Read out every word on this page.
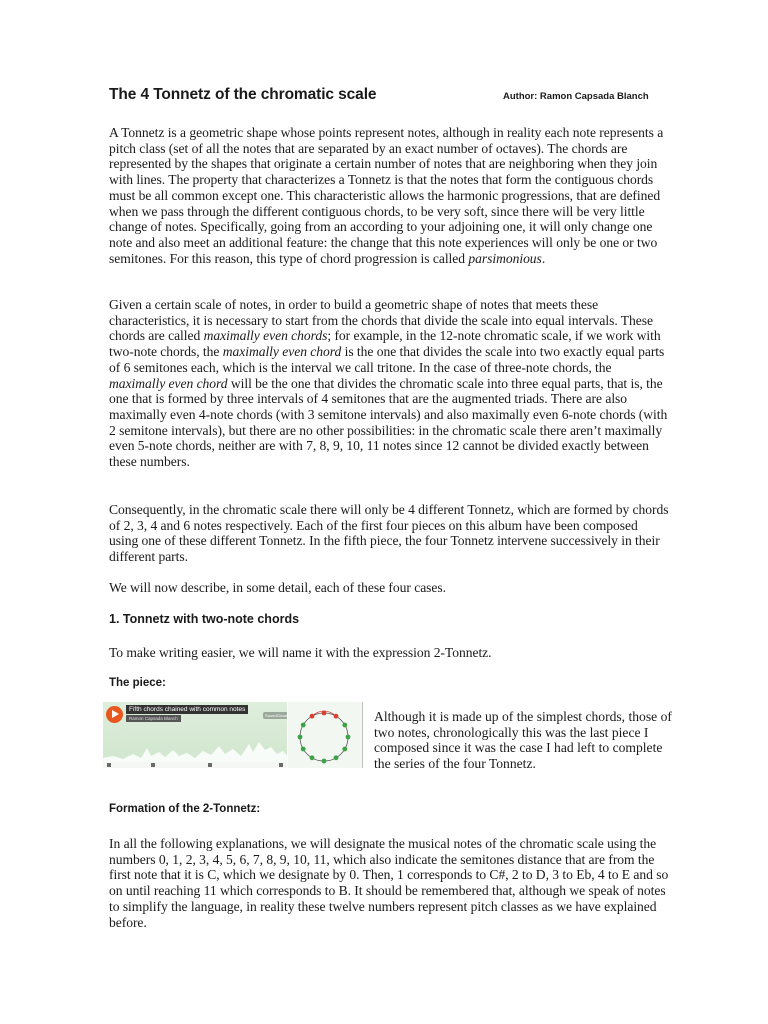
The 4 Tonnetz of the chromatic scale	Author: Ramon Capsada Blanch

A Tonnetz is a geometric shape whose points represent notes, although in reality each note represents a pitch class (set of all the notes that are separated by an exact number of octaves). The chords are represented by the shapes that originate a certain number of notes that are neighboring when they join with lines. The property that characterizes a Tonnetz is that the notes that form the contiguous chords must be all common except one. This characteristic allows the harmonic progressions, that are defined when we pass through the different contiguous chords, to be very soft, since there will be very little change of notes. Specifically, going from an according to your adjoining one, it will only change one note and also meet an additional feature: the change that this note experiences will only be one or two semitones. For this reason, this type of chord progression is called parsimonious.

Given a certain scale of notes, in order to build a geometric shape of notes that meets these characteristics, it is necessary to start from the chords that divide the scale into equal intervals. These chords are called maximally even chords; for example, in the 12-note chromatic scale, if we work with two-note chords, the maximally even chord is the one that divides the scale into two exactly equal parts of 6 semitones each, which is the interval we call tritone. In the case of three-note chords, the maximally even chord will be the one that divides the chromatic scale into three equal parts, that is, the one that is formed by three intervals of 4 semitones that are the augmented triads. There are also maximally even 4-note chords (with 3 semitone intervals) and also maximally even 6-note chords (with 2 semitone intervals), but there are no other possibilities: in the chromatic scale there aren’t maximally even 5-note chords, neither are with 7, 8, 9, 10, 11 notes since 12 cannot be divided exactly between these numbers.

Consequently, in the chromatic scale there will only be 4 different Tonnetz, which are formed by chords of 2, 3, 4 and 6 notes respectively. Each of the first four pieces on this album have been composed using one of these different Tonnetz. In the fifth piece, the four Tonnetz intervene successively in their different parts.

We will now describe, in some detail, each of these four cases.

1. Tonnetz with two-note chords

To make writing easier, we will name it with the expression 2-Tonnetz.

The piece:
Fifth chords chained with common notes
Ramon Capsada Blanch
SoundCloud	Although it is made up of the simplest chords, those of two notes, chronologically this was the last piece I composed since it was the case I had left to complete the series of the four Tonnetz.

Formation of the 2-Tonnetz:

In all the following explanations, we will designate the musical notes of the chromatic scale using the numbers 0, 1, 2, 3, 4, 5, 6, 7, 8, 9, 10, 11, which also indicate the semitones distance that are from the first note that it is C, which we designate by 0. Then, 1 corresponds to C#, 2 to D, 3 to Eb, 4 to E and so on until reaching 11 which corresponds to B. It should be remembered that, although we speak of notes to simplify the language, in reality these twelve numbers represent pitch classes as we have explained before.
